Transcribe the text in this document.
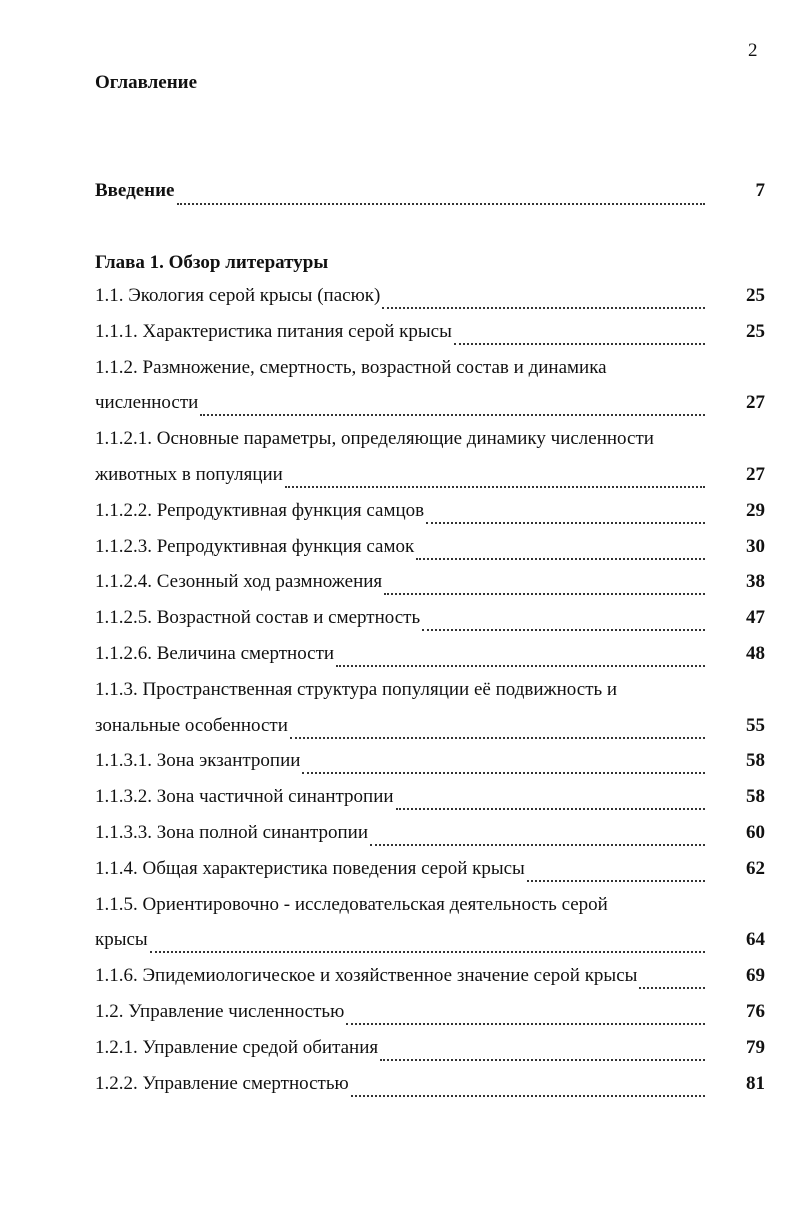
2
Оглавление
Введение	7
Глава 1. Обзор литературы
1.1. Экология серой крысы (пасюк)	25
1.1.1. Характеристика питания серой крысы	25
1.1.2. Размножение, смертность, возрастной состав и динамика
численности	27
1.1.2.1. Основные параметры, определяющие динамику численности
животных в популяции	27
1.1.2.2. Репродуктивная функция самцов	29
1.1.2.3. Репродуктивная функция самок	30
1.1.2.4. Сезонный ход размножения	38
1.1.2.5. Возрастной состав и смертность	47
1.1.2.6. Величина смертности	48
1.1.3. Пространственная структура популяции её подвижность и
зональные особенности	55
1.1.3.1. Зона экзантропии	58
1.1.3.2. Зона частичной синантропии	58
1.1.3.3. Зона полной синантропии	60
1.1.4. Общая характеристика поведения серой крысы	62
1.1.5. Ориентировочно - исследовательская деятельность серой
крысы	64
1.1.6. Эпидемиологическое и хозяйственное значение серой крысы	69
1.2. Управление численностью	76
1.2.1. Управление средой обитания	79
1.2.2. Управление смертностью	81
